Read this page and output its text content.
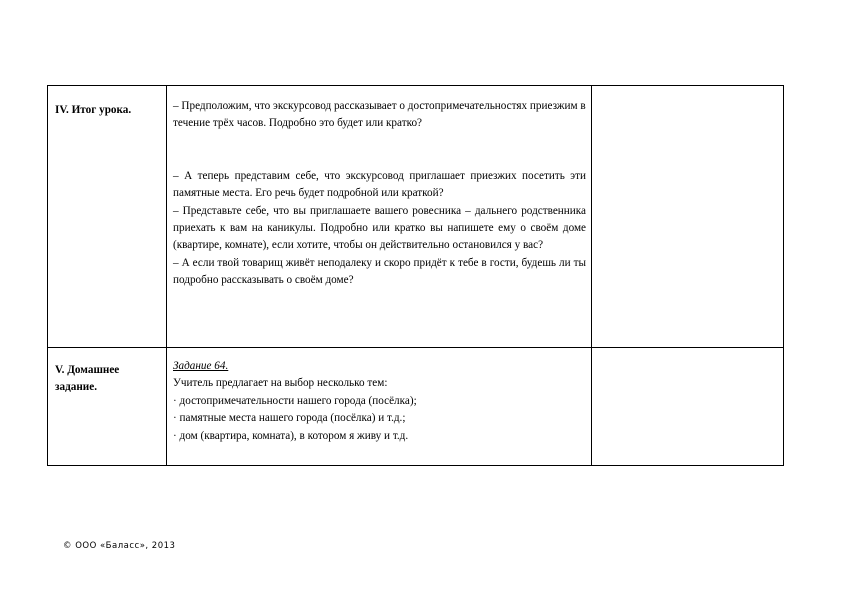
IV. Итог урока.	– Предположим, что экскурсовод рассказывает о достопримечательностях приезжим в течение трёх часов. Подробно это будет или кратко?

– А теперь представим себе, что экскурсовод приглашает приезжих посетить эти памятные места. Его речь будет подробной или краткой?

– Представьте себе, что вы приглашаете вашего ровесника – дальнего родственника приехать к вам на каникулы. Подробно или кратко вы напишете ему о своём доме (квартире, комнате), если хотите, чтобы он действительно остановился у вас?

– А если твой товарищ живёт неподалеку и скоро придёт к тебе в гости, будешь ли ты подробно рассказывать о своём доме?	

V. Домашнее задание.	Задание 64.

Учитель предлагает на выбор несколько тем:

· достопримечательности нашего города (посёлка);

· памятные места нашего города (посёлка) и т.д.;

· дом (квартира, комната), в котором я живу и т.д.	

© ООО «Баласс», 2013
